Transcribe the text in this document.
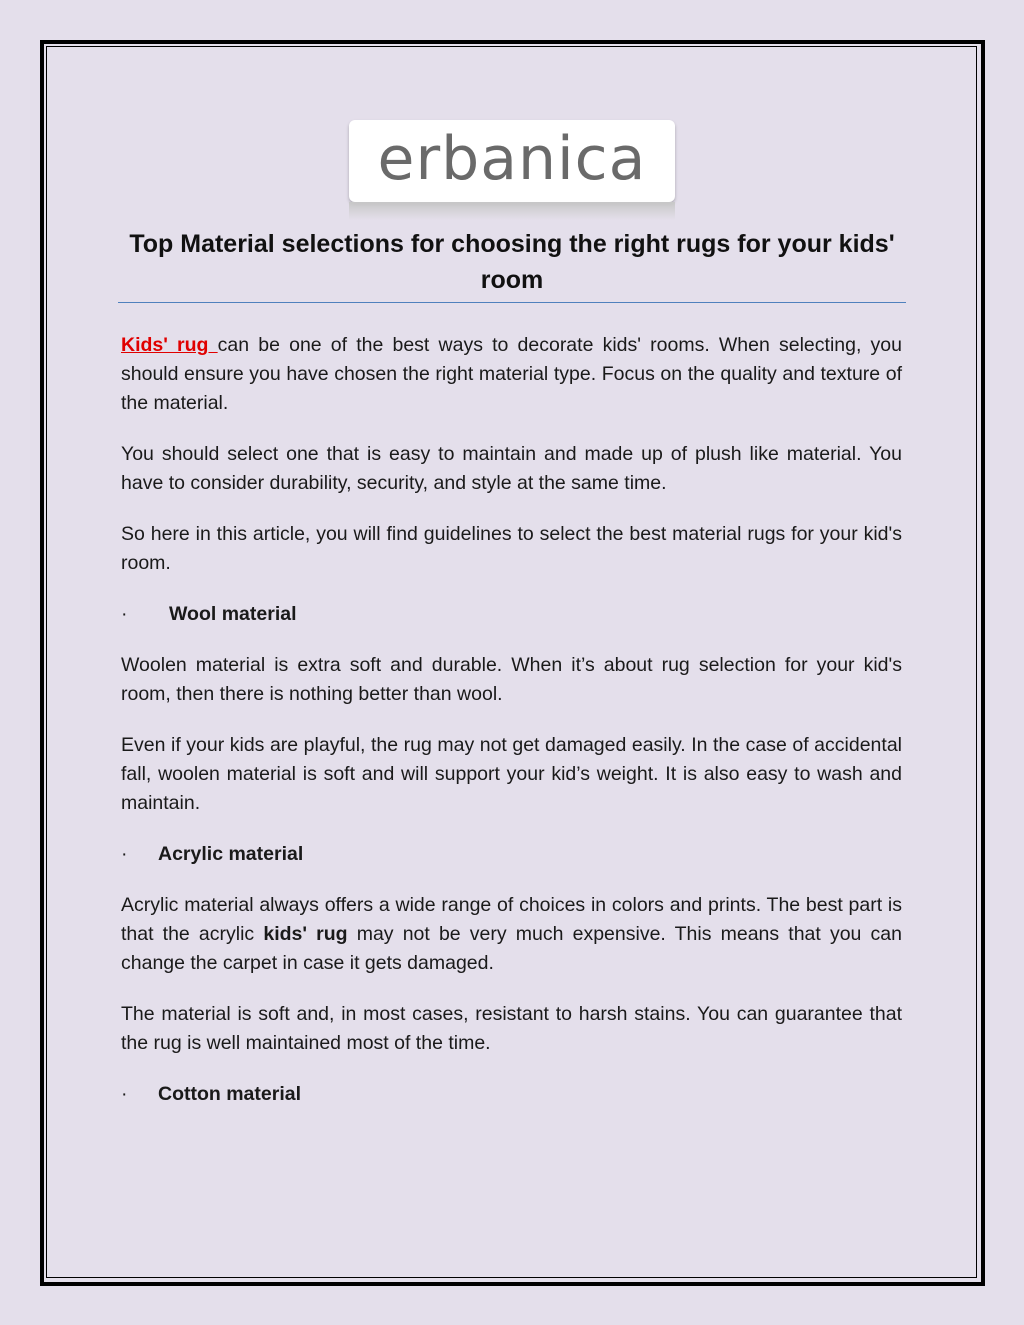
erbanica
Top Material selections for choosing the right rugs for your kids' room

Kids' rug can be one of the best ways to decorate kids' rooms. When selecting, you should ensure you have chosen the right material type. Focus on the quality and texture of the material.

You should select one that is easy to maintain and made up of plush like material. You have to consider durability, security, and style at the same time.

So here in this article, you will find guidelines to select the best material rugs for your kid's room.

·	Wool material

Woolen material is extra soft and durable. When it’s about rug selection for your kid's room, then there is nothing better than wool.

Even if your kids are playful, the rug may not get damaged easily. In the case of accidental fall, woolen material is soft and will support your kid’s weight. It is also easy to wash and maintain.

·	Acrylic material

Acrylic material always offers a wide range of choices in colors and prints. The best part is that the acrylic kids' rug may not be very much expensive. This means that you can change the carpet in case it gets damaged.

The material is soft and, in most cases, resistant to harsh stains. You can guarantee that the rug is well maintained most of the time.

·	Cotton material
